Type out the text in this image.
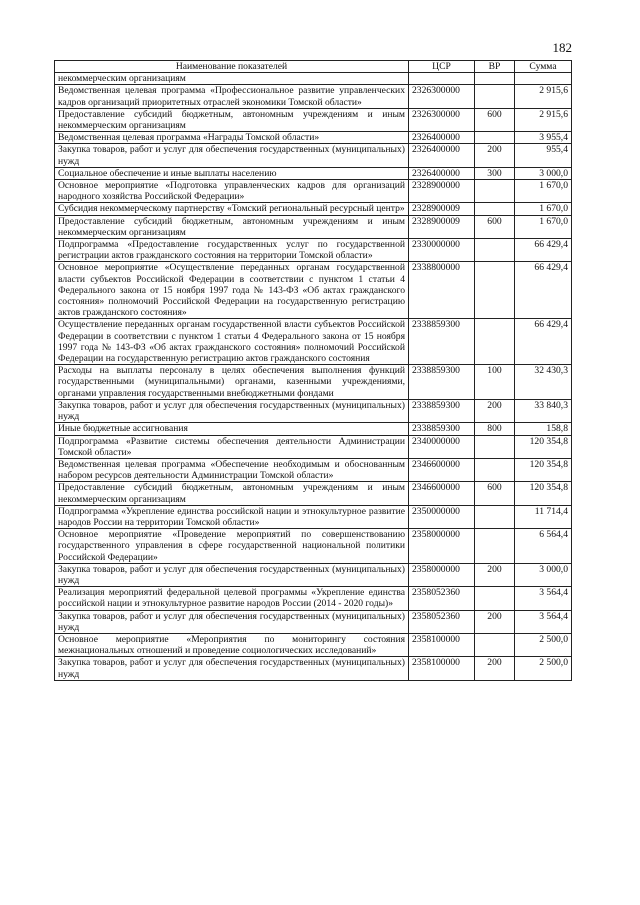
182
Наименование показателей	ЦСР	ВР	Сумма
некоммерческим организациям			
Ведомственная целевая программа «Профессиональное развитие управленческих кадров организаций приоритетных отраслей экономики Томской области»	2326300000		2 915,6
Предоставление субсидий бюджетным, автономным учреждениям и иным некоммерческим организациям	2326300000	600	2 915,6
Ведомственная целевая программа «Награды Томской области»	2326400000		3 955,4
Закупка товаров, работ и услуг для обеспечения государственных (муниципальных) нужд	2326400000	200	955,4
Социальное обеспечение и иные выплаты населению	2326400000	300	3 000,0
Основное мероприятие «Подготовка управленческих кадров для организаций народного хозяйства Российской Федерации»	2328900000		1 670,0
Субсидия некоммерческому партнерству «Томский региональный ресурсный центр»	2328900009		1 670,0
Предоставление субсидий бюджетным, автономным учреждениям и иным некоммерческим организациям	2328900009	600	1 670,0
Подпрограмма «Предоставление государственных услуг по государственной регистрации актов гражданского состояния на территории Томской области»	2330000000		66 429,4
Основное мероприятие «Осуществление переданных органам государственной власти субъектов Российской Федерации в соответствии с пунктом 1 статьи 4 Федерального закона от 15 ноября 1997 года № 143-ФЗ «Об актах гражданского состояния» полномочий Российской Федерации на государственную регистрацию актов гражданского состояния»	2338800000		66 429,4
Осуществление переданных органам государственной власти субъектов Российской Федерации в соответствии с пунктом 1 статьи 4 Федерального закона от 15 ноября 1997 года № 143-ФЗ «Об актах гражданского состояния» полномочий Российской Федерации на государственную регистрацию актов гражданского состояния	2338859300		66 429,4
Расходы на выплаты персоналу в целях обеспечения выполнения функций государственными (муниципальными) органами, казенными учреждениями, органами управления государственными внебюджетными фондами	2338859300	100	32 430,3
Закупка товаров, работ и услуг для обеспечения государственных (муниципальных) нужд	2338859300	200	33 840,3
Иные бюджетные ассигнования	2338859300	800	158,8
Подпрограмма «Развитие системы обеспечения деятельности Администрации Томской области»	2340000000		120 354,8
Ведомственная целевая программа «Обеспечение необходимым и обоснованным набором ресурсов деятельности Администрации Томской области»	2346600000		120 354,8
Предоставление субсидий бюджетным, автономным учреждениям и иным некоммерческим организациям	2346600000	600	120 354,8
Подпрограмма «Укрепление единства российской нации и этнокультурное развитие народов России на территории Томской области»	2350000000		11 714,4
Основное мероприятие «Проведение мероприятий по совершенствованию государственного управления в сфере государственной национальной политики Российской Федерации»	2358000000		6 564,4
Закупка товаров, работ и услуг для обеспечения государственных (муниципальных) нужд	2358000000	200	3 000,0
Реализация мероприятий федеральной целевой программы «Укрепление единства российской нации и этнокультурное развитие народов России (2014 - 2020 годы)»	2358052360		3 564,4
Закупка товаров, работ и услуг для обеспечения государственных (муниципальных) нужд	2358052360	200	3 564,4
Основное мероприятие «Мероприятия по мониторингу состояния межнациональных отношений и проведение социологических исследований»	2358100000		2 500,0
Закупка товаров, работ и услуг для обеспечения государственных (муниципальных) нужд	2358100000	200	2 500,0
